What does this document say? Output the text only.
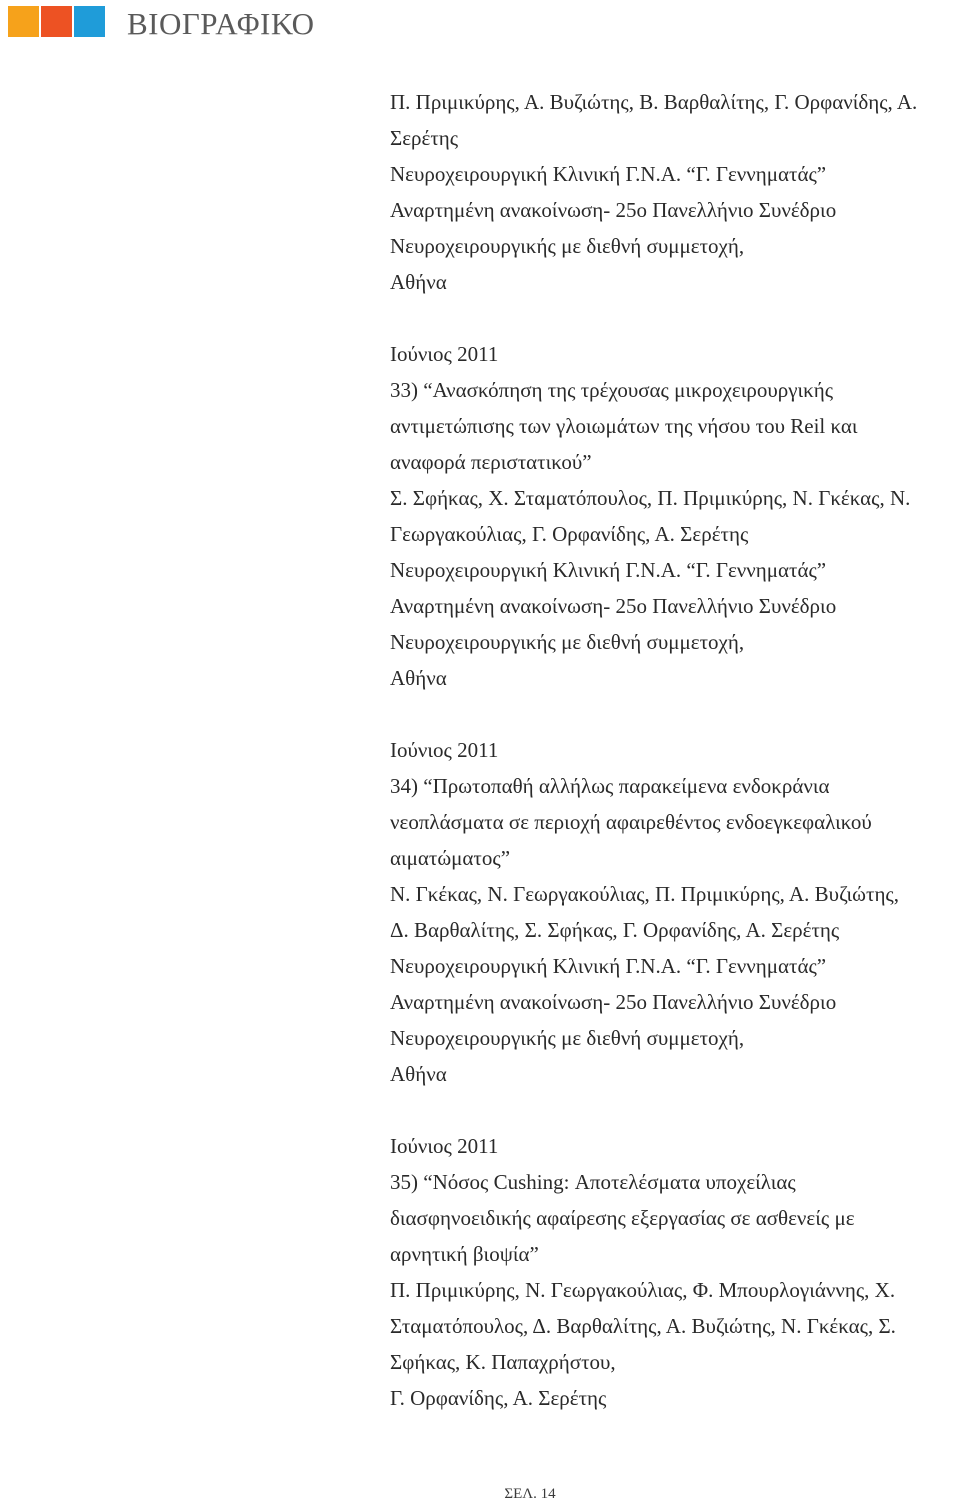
ΒΙΟΓΡΑΦΙΚΟ
Π. Πριμικύρης, Α. Βυζιώτης, Β. Βαρθαλίτης, Γ. Ορφανίδης, Α.
Σερέτης
Νευροχειρουργική Κλινική Γ.Ν.Α. “Γ. Γεννηματάς”
Αναρτημένη ανακοίνωση- 25ο Πανελλήνιο Συνέδριο
Νευροχειρουργικής με διεθνή συμμετοχή,
Αθήνα
Ιούνιος 2011
33) “Ανασκόπηση της τρέχουσας μικροχειρουργικής
αντιμετώπισης των γλοιωμάτων της νήσου του Reil και
αναφορά περιστατικού”
Σ. Σφήκας, Χ. Σταματόπουλος, Π. Πριμικύρης, Ν. Γκέκας, Ν.
Γεωργακούλιας, Γ. Ορφανίδης, Α. Σερέτης
Νευροχειρουργική Κλινική Γ.Ν.Α. “Γ. Γεννηματάς”
Αναρτημένη ανακοίνωση- 25ο Πανελλήνιο Συνέδριο
Νευροχειρουργικής με διεθνή συμμετοχή,
Αθήνα
Ιούνιος 2011
34) “Πρωτοπαθή αλλήλως παρακείμενα ενδοκράνια
νεοπλάσματα σε περιοχή αφαιρεθέντος ενδοεγκεφαλικού
αιματώματος”
Ν. Γκέκας, Ν. Γεωργακούλιας, Π. Πριμικύρης, Α. Βυζιώτης,
Δ. Βαρθαλίτης, Σ. Σφήκας, Γ. Ορφανίδης, Α. Σερέτης
Νευροχειρουργική Κλινική Γ.Ν.Α. “Γ. Γεννηματάς”
Αναρτημένη ανακοίνωση- 25ο Πανελλήνιο Συνέδριο
Νευροχειρουργικής με διεθνή συμμετοχή,
Αθήνα
Ιούνιος 2011
35) “Νόσος Cushing: Αποτελέσματα υποχείλιας
διασφηνοειδικής αφαίρεσης εξεργασίας σε ασθενείς με
αρνητική βιοψία”
Π. Πριμικύρης, Ν. Γεωργακούλιας, Φ. Μπουρλογιάννης, Χ.
Σταματόπουλος, Δ. Βαρθαλίτης, Α. Βυζιώτης, Ν. Γκέκας, Σ.
Σφήκας, Κ. Παπαχρήστου,
Γ. Ορφανίδης, Α. Σερέτης
ΣΕΛ. 14
